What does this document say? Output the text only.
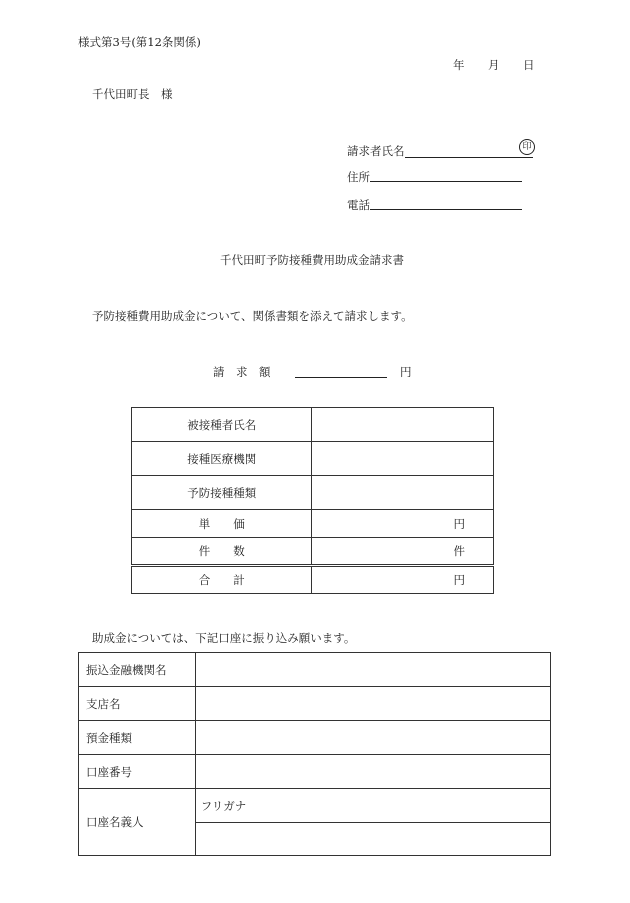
様式第3号(第12条関係)
年 月 日
千代田町長　様
請求者氏名	印
住所
電話
千代田町予防接種費用助成金請求書
予防接種費用助成金について、関係書類を添えて請求します。
請　求　額	円
被接種者氏名	
接種医療機関	
予防接種種類	
単　　価	円
件　　数	件
合　　計	円
助成金については、下記口座に振り込み願います。
振込金融機関名	
支店名	
預金種類	
口座番号	
口座名義人	フリガナ
